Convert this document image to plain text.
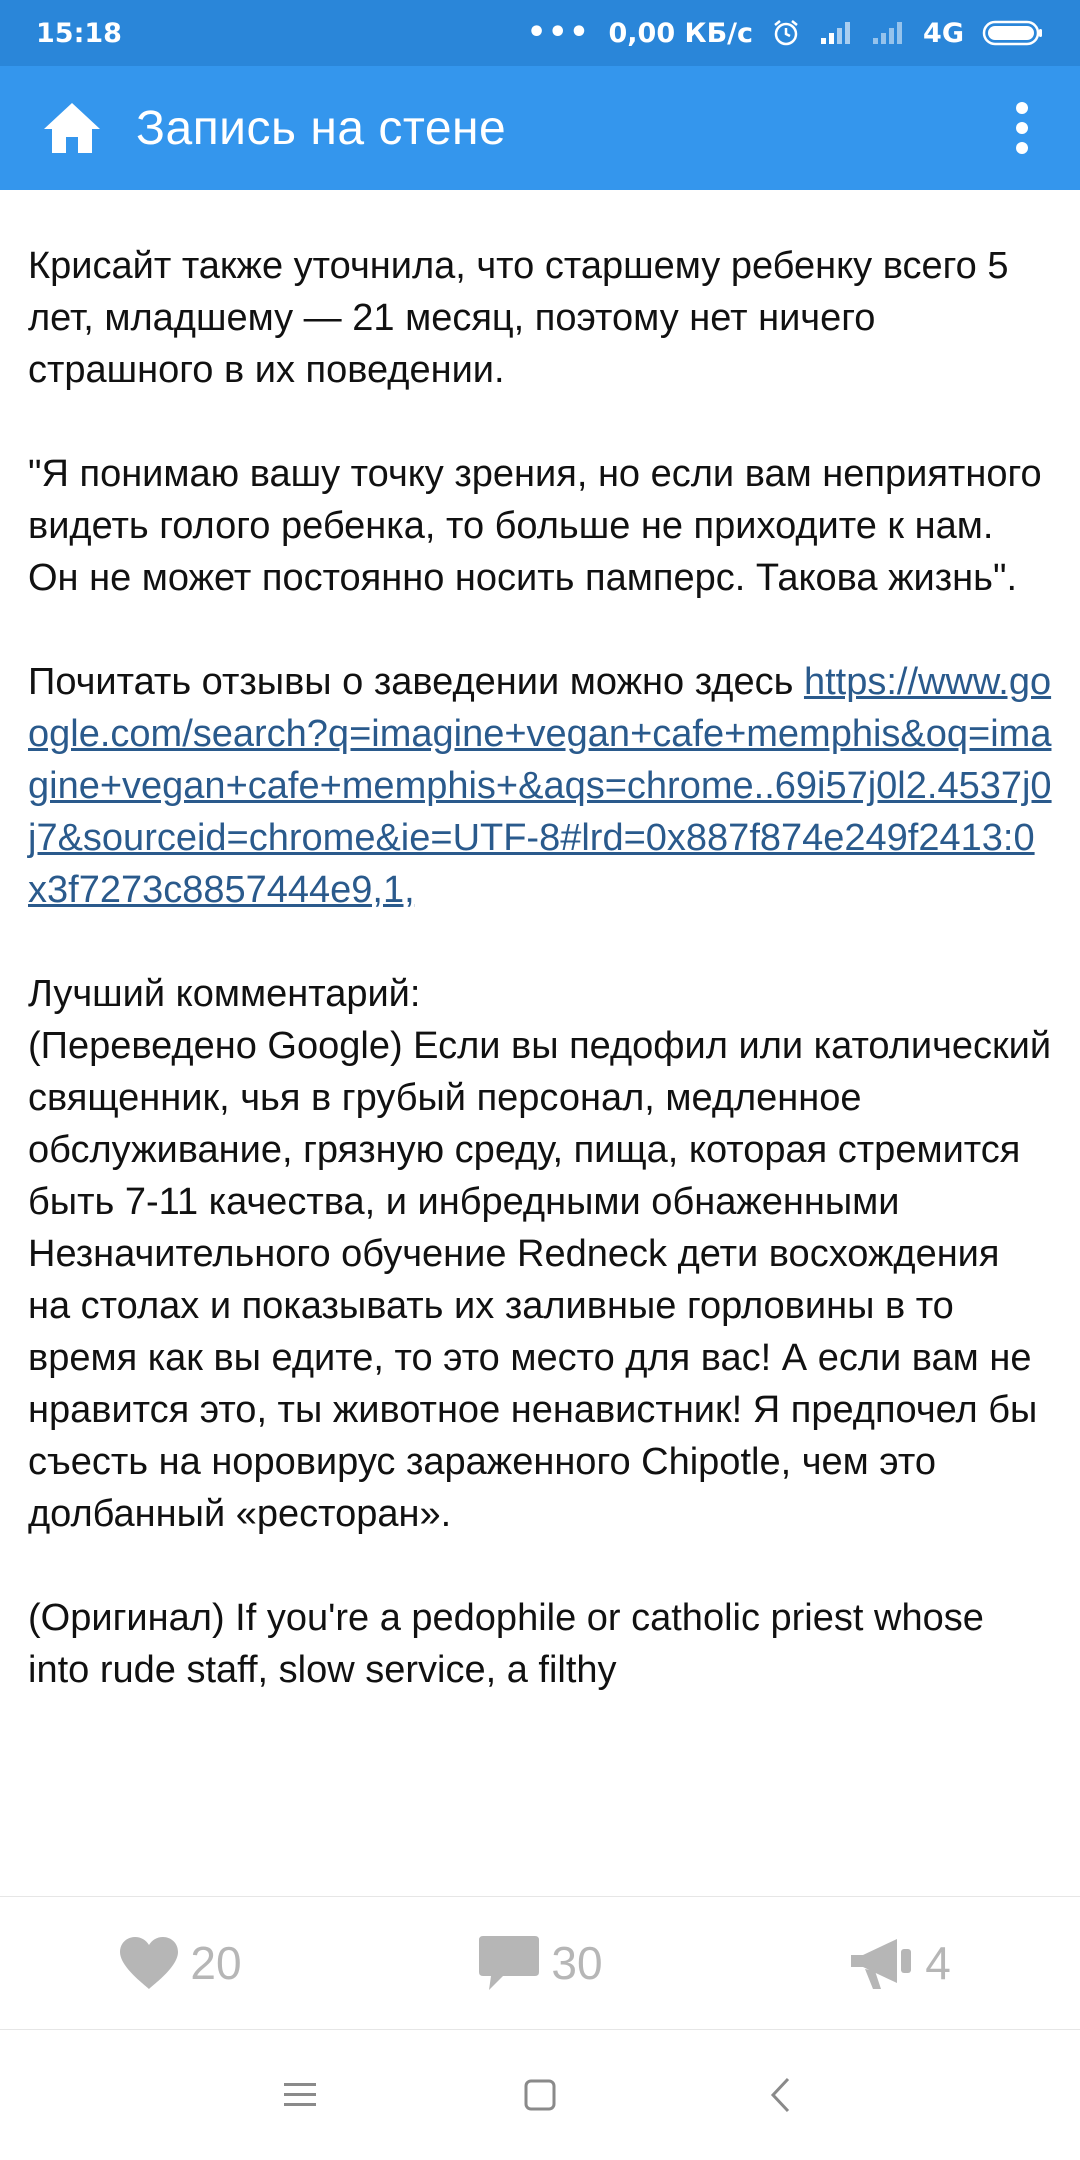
15:18	••• 0,00 КБ/с	4G
Запись на стене

Крисайт также уточнила, что старшему ребенку всего 5 лет, младшему — 21 месяц, поэтому нет ничего страшного в их поведении.

"Я понимаю вашу точку зрения, но если вам неприятного видеть голого ребенка, то больше не приходите к нам. Он не может постоянно носить памперс. Такова жизнь".

Почитать отзывы о заведении можно здесь https://www.google.com/search?q=imagine+vegan+cafe+memphis&oq=imagine+vegan+cafe+memphis+&aqs=chrome..69i57j0l2.4537j0j7&sourceid=chrome&ie=UTF-8#lrd=0x887f874e249f2413:0x3f7273c8857444e9,1,

Лучший комментарий:
(Переведено Google) Если вы педофил или католический священник, чья в грубый персонал, медленное обслуживание, грязную среду, пища, которая стремится быть 7-11 качества, и инбредными обнаженными Незначительного обучение Redneck дети восхождения на столах и показывать их заливные горловины в то время как вы едите, то это место для вас! А если вам не нравится это, ты животное ненавистник! Я предпочел бы съесть на норовирус зараженного Chipotle, чем это долбанный «ресторан».

(Оригинал) If you're a pedophile or catholic priest whose into rude staff, slow service, a filthy

20	30	4
